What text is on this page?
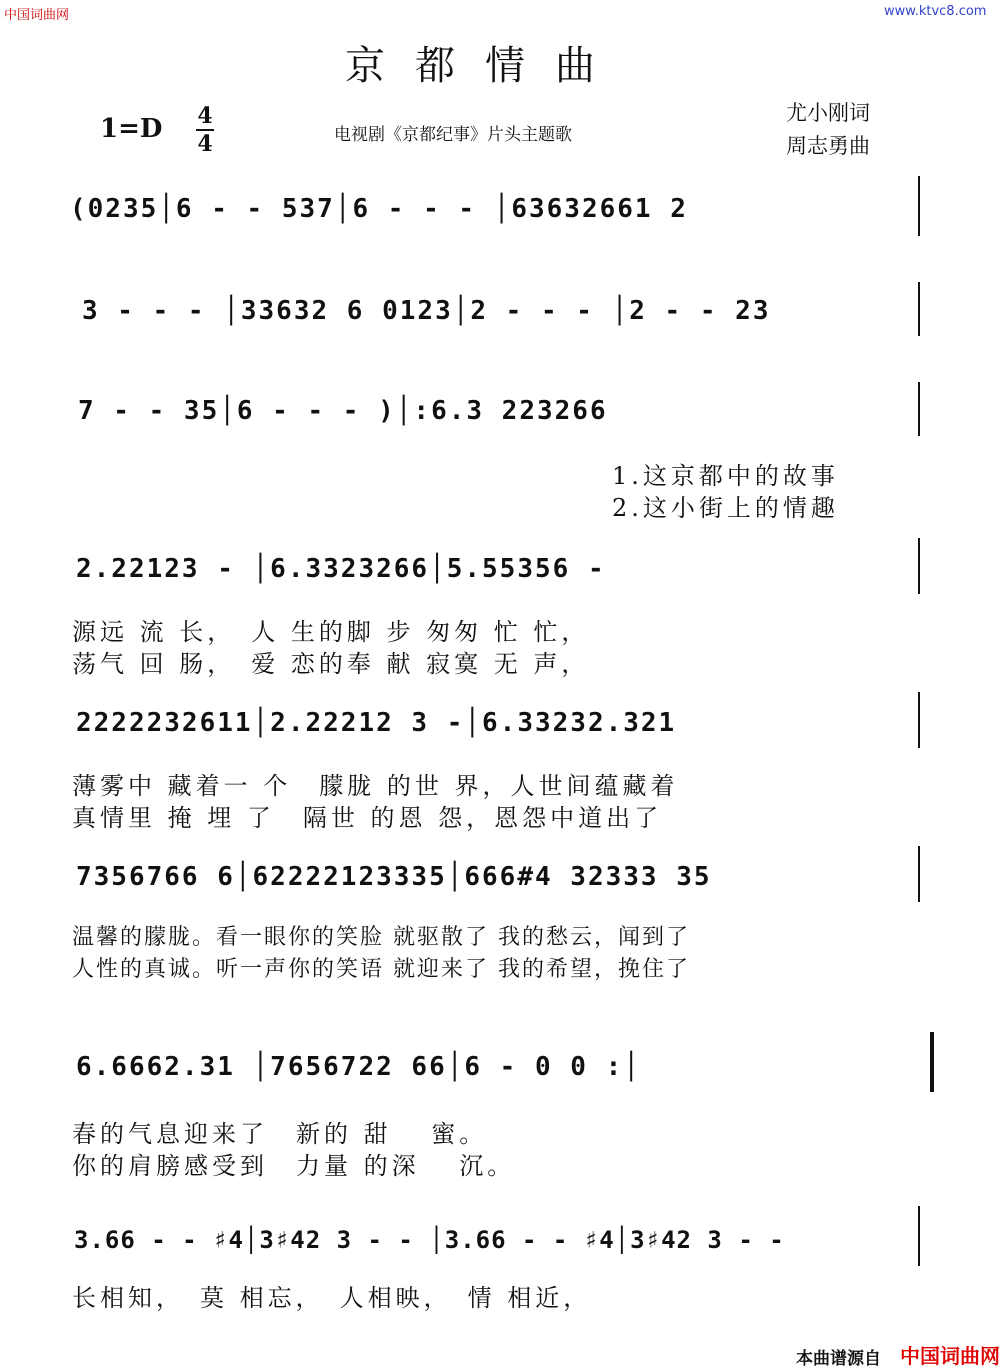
中国词曲网	www.ktvc8.com
京都情曲
1=D 4
4	电视剧《京都纪事》片头主题歌
尤小刚词
周志勇曲
(0235│6 - - 537│6 - - - │63632661 2
3 - - - │33632 6 0123│2 - - - │2 - - 23
7 - - 35│6 - - - )│:6.3 223266
1.这京都中的故事
2.这小街上的情趣
2.22123 - │6.3323266│5.55356 -
源远 流 长，　人 生的脚 步 匆匆 忙 忙，
荡气 回 肠，　爱 恋的奉 献 寂寞 无 声，
2222232611│2.22212 3 -│6.33232.321
薄雾中 藏着一 个　朦胧 的世 界，人世间蕴藏着
真情里 掩 埋 了　隔世 的恩 怨，恩怨中道出了
7356766 6│62222123335│666#4 32333 35
温馨的朦胧。看一眼你的笑脸 就驱散了 我的愁云，闻到了
人性的真诚。听一声你的笑语 就迎来了 我的希望，挽住了
6.6662.31 │7656722 66│6 - 0 0 :│
春的气息迎来了　新的 甜　 蜜。
你的肩膀感受到　力量 的深　 沉。
3.66 - - ♯4│3♯42 3 - - │3.66 - - ♯4│3♯42 3 - -
长相知，　莫 相忘，　人相映，　情 相近，
本曲谱源自 中国词曲网
